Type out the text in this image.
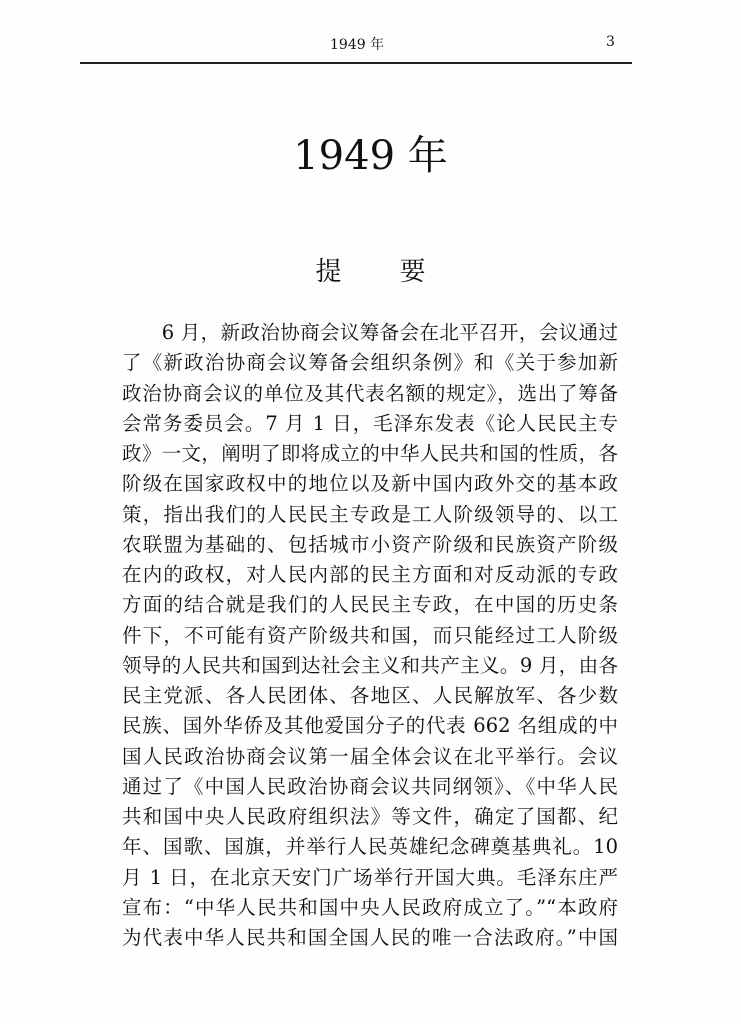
1949 年	3
1949 年
提 要
　　6 月，新政治协商会议筹备会在北平召开，会议通过
了《新政治协商会议筹备会组织条例》和《关于参加新
政治协商会议的单位及其代表名额的规定》，选出了筹备
会常务委员会。7 月 1 日，毛泽东发表《论人民民主专
政》一文，阐明了即将成立的中华人民共和国的性质，各
阶级在国家政权中的地位以及新中国内政外交的基本政
策，指出我们的人民民主专政是工人阶级领导的、以工
农联盟为基础的、包括城市小资产阶级和民族资产阶级
在内的政权，对人民内部的民主方面和对反动派的专政
方面的结合就是我们的人民民主专政，在中国的历史条
件下，不可能有资产阶级共和国，而只能经过工人阶级
领导的人民共和国到达社会主义和共产主义。9 月，由各
民主党派、各人民团体、各地区、人民解放军、各少数
民族、国外华侨及其他爱国分子的代表 662 名组成的中
国人民政治协商会议第一届全体会议在北平举行。会议
通过了《中国人民政治协商会议共同纲领》、《中华人民
共和国中央人民政府组织法》等文件，确定了国都、纪
年、国歌、国旗，并举行人民英雄纪念碑奠基典礼。10
月 1 日，在北京天安门广场举行开国大典。毛泽东庄严
宣布：“中华人民共和国中央人民政府成立了。”“本政府
为代表中华人民共和国全国人民的唯一合法政府。”中国
